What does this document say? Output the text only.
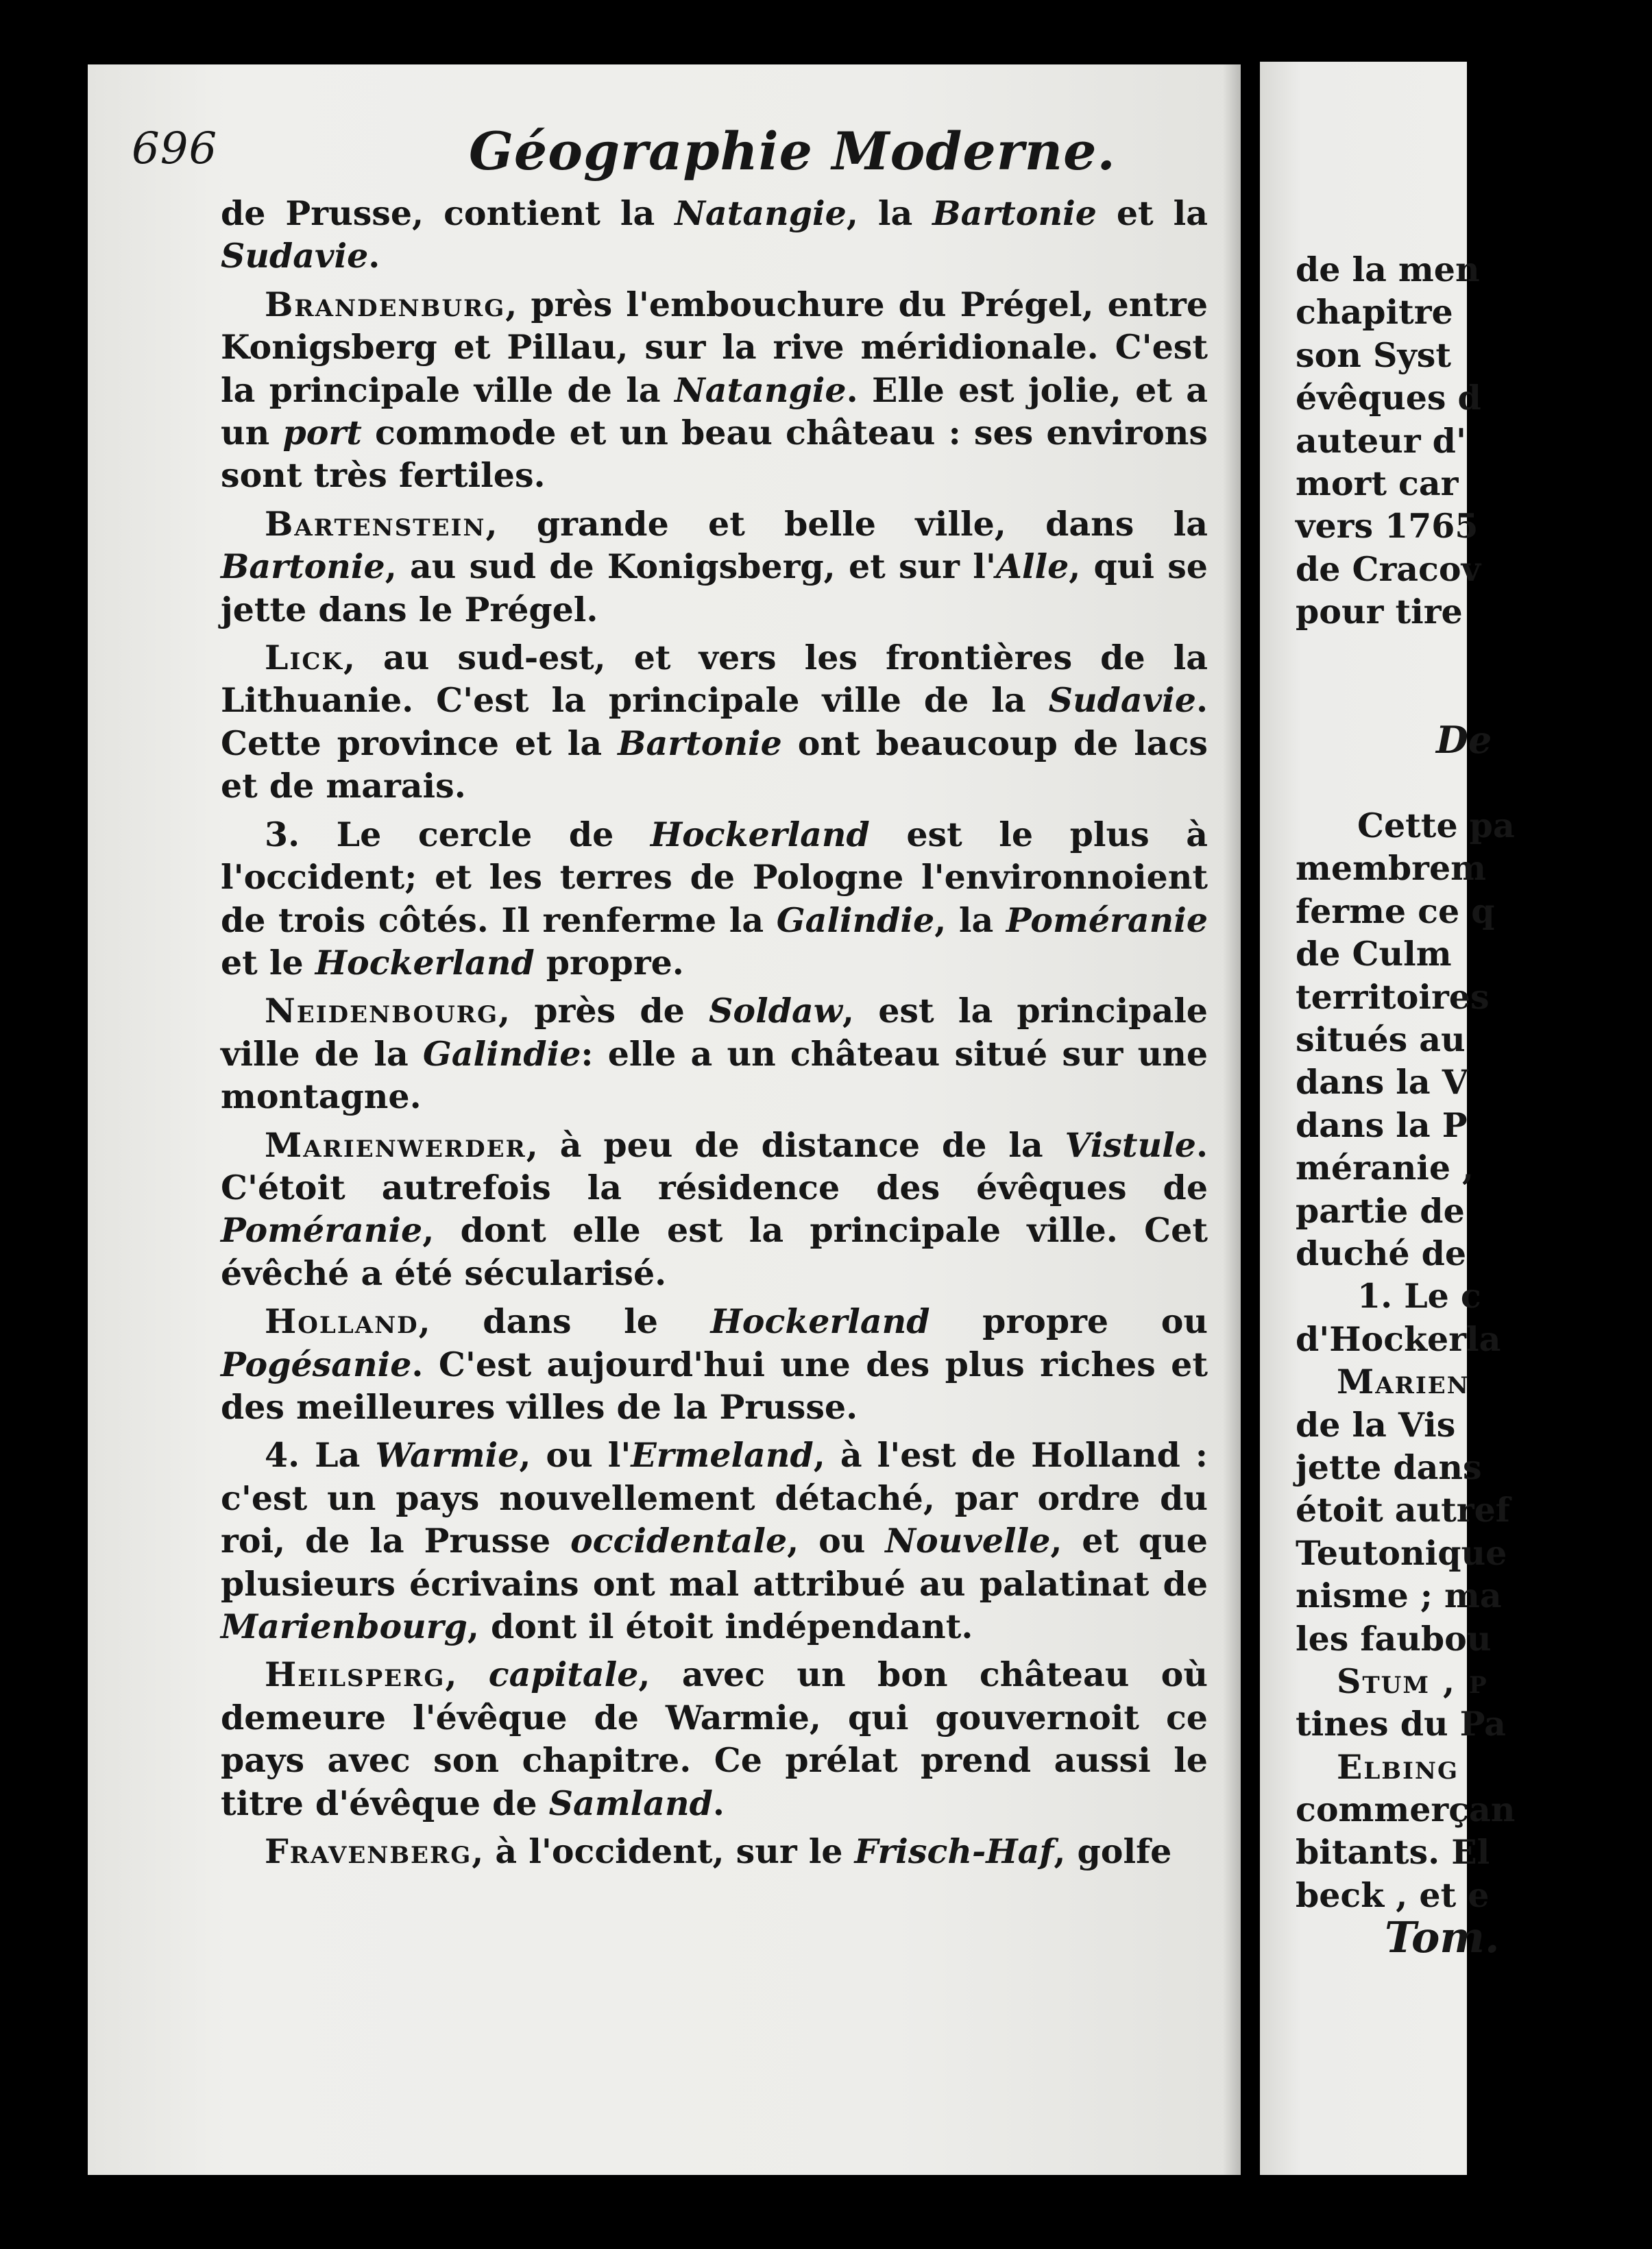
de la men
chapitre
son Syst
évêques d
auteur d'
mort car
vers 1765
de Cracov
pour tire
De
Cette pa
membrem
ferme ce q
de Culm
territoires
situés au
dans la V
dans la P
méranie ,
partie de
duché de
1. Le c
d'Hockerla
Marien
de la Vis
jette dans
étoit autref
Teutonique
nisme ; ma
les faubou
Stum , p
tines du Pa
Elbing
commerçan
bitants. El
beck , et e
Tom.
696	Géographie Moderne.

de Prusse, contient la Natangie, la Bartonie et la Sudavie.

Brandenburg, près l'embouchure du Prégel, entre Konigsberg et Pillau, sur la rive méridionale. C'est la principale ville de la Natangie. Elle est jolie, et a un port commode et un beau château : ses environs sont très fertiles.

Bartenstein, grande et belle ville, dans la Bartonie, au sud de Konigsberg, et sur l'Alle, qui se jette dans le Prégel.

Lick, au sud-est, et vers les frontières de la Lithuanie. C'est la principale ville de la Sudavie. Cette province et la Bartonie ont beaucoup de lacs et de marais.

3. Le cercle de Hockerland est le plus à l'occident; et les terres de Pologne l'environnoient de trois côtés. Il renferme la Galindie, la Poméranie et le Hockerland propre.

Neidenbourg, près de Soldaw, est la principale ville de la Galindie: elle a un château situé sur une montagne.

Marienwerder, à peu de distance de la Vistule. C'étoit autrefois la résidence des évêques de Poméranie, dont elle est la principale ville. Cet évêché a été sécularisé.

Holland, dans le Hockerland propre ou Pogésanie. C'est aujourd'hui une des plus riches et des meilleures villes de la Prusse.

4. La Warmie, ou l'Ermeland, à l'est de Holland : c'est un pays nouvellement détaché, par ordre du roi, de la Prusse occidentale, ou Nouvelle, et que plusieurs écrivains ont mal attribué au palatinat de Marienbourg, dont il étoit indépendant.

Heilsperg, capitale, avec un bon château où demeure l'évêque de Warmie, qui gouvernoit ce pays avec son chapitre. Ce prélat prend aussi le titre d'évêque de Samland.

Fravenberg, à l'occident, sur le Frisch-Haf, golfe
